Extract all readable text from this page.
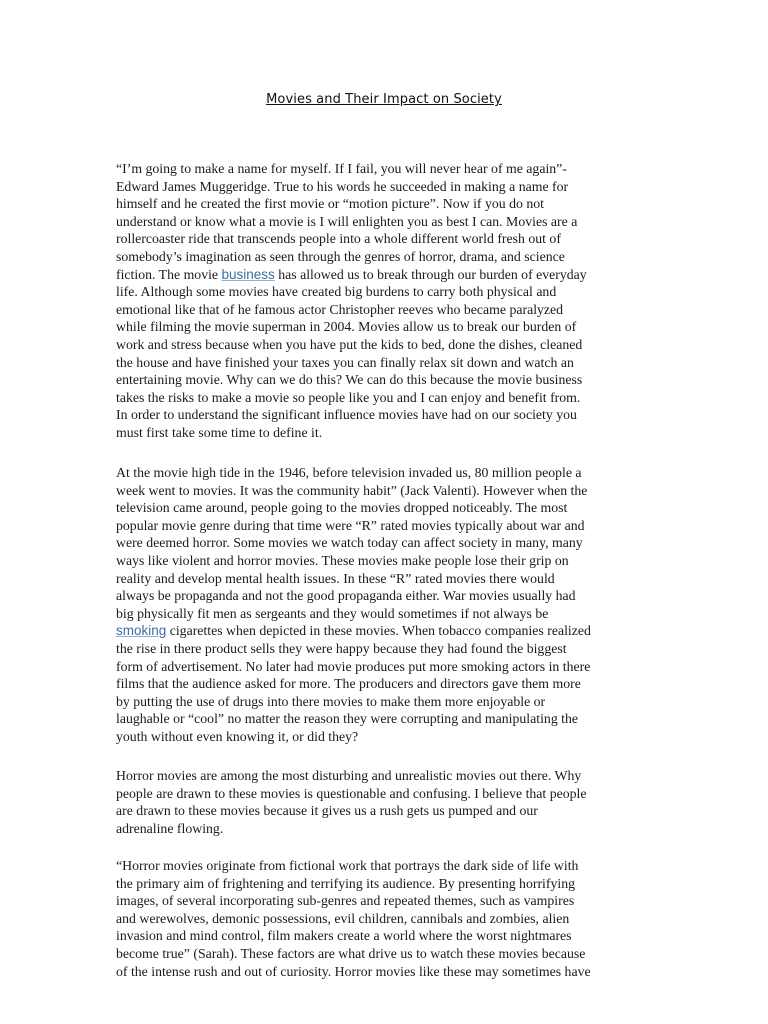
Movies and Their Impact on Society
“I’m going to make a name for myself. If I fail, you will never hear of me again”-
Edward James Muggeridge. True to his words he succeeded in making a name for
himself and he created the first movie or “motion picture”. Now if you do not
understand or know what a movie is I will enlighten you as best I can. Movies are a
rollercoaster ride that transcends people into a whole different world fresh out of
somebody’s imagination as seen through the genres of horror, drama, and science
fiction. The movie business has allowed us to break through our burden of everyday
life. Although some movies have created big burdens to carry both physical and
emotional like that of he famous actor Christopher reeves who became paralyzed
while filming the movie superman in 2004. Movies allow us to break our burden of
work and stress because when you have put the kids to bed, done the dishes, cleaned
the house and have finished your taxes you can finally relax sit down and watch an
entertaining movie. Why can we do this? We can do this because the movie business
takes the risks to make a movie so people like you and I can enjoy and benefit from.
In order to understand the significant influence movies have had on our society you
must first take some time to define it.
At the movie high tide in the 1946, before television invaded us, 80 million people a
week went to movies. It was the community habit” (Jack Valenti). However when the
television came around, people going to the movies dropped noticeably. The most
popular movie genre during that time were “R” rated movies typically about war and
were deemed horror. Some movies we watch today can affect society in many, many
ways like violent and horror movies. These movies make people lose their grip on
reality and develop mental health issues. In these “R” rated movies there would
always be propaganda and not the good propaganda either. War movies usually had
big physically fit men as sergeants and they would sometimes if not always be
smoking cigarettes when depicted in these movies. When tobacco companies realized
the rise in there product sells they were happy because they had found the biggest
form of advertisement. No later had movie produces put more smoking actors in there
films that the audience asked for more. The producers and directors gave them more
by putting the use of drugs into there movies to make them more enjoyable or
laughable or “cool” no matter the reason they were corrupting and manipulating the
youth without even knowing it, or did they?
Horror movies are among the most disturbing and unrealistic movies out there. Why
people are drawn to these movies is questionable and confusing. I believe that people
are drawn to these movies because it gives us a rush gets us pumped and our
adrenaline flowing.
“Horror movies originate from fictional work that portrays the dark side of life with
the primary aim of frightening and terrifying its audience. By presenting horrifying
images, of several incorporating sub-genres and repeated themes, such as vampires
and werewolves, demonic possessions, evil children, cannibals and zombies, alien
invasion and mind control, film makers create a world where the worst nightmares
become true” (Sarah). These factors are what drive us to watch these movies because
of the intense rush and out of curiosity. Horror movies like these may sometimes have
